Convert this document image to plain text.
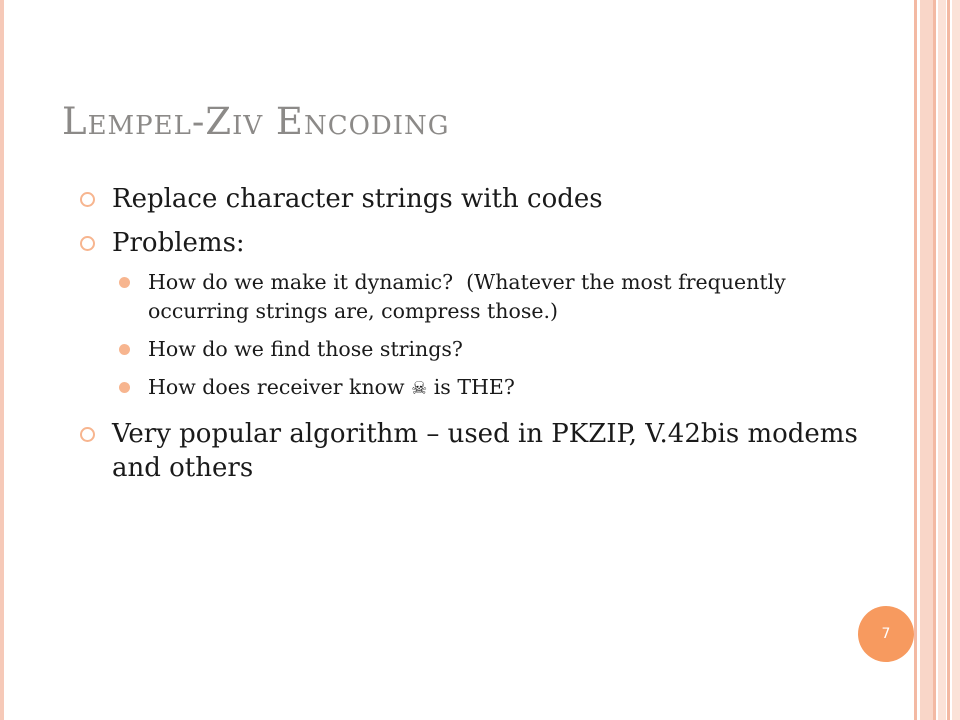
Lempel-Ziv Encoding
Replace character strings with codes
Problems:
How do we make it dynamic?  (Whatever the most frequently occurring strings are, compress those.)
How do we find those strings?
How does receiver know ☠ is THE?
Very popular algorithm – used in PKZIP, V.42bis modems and others
7
